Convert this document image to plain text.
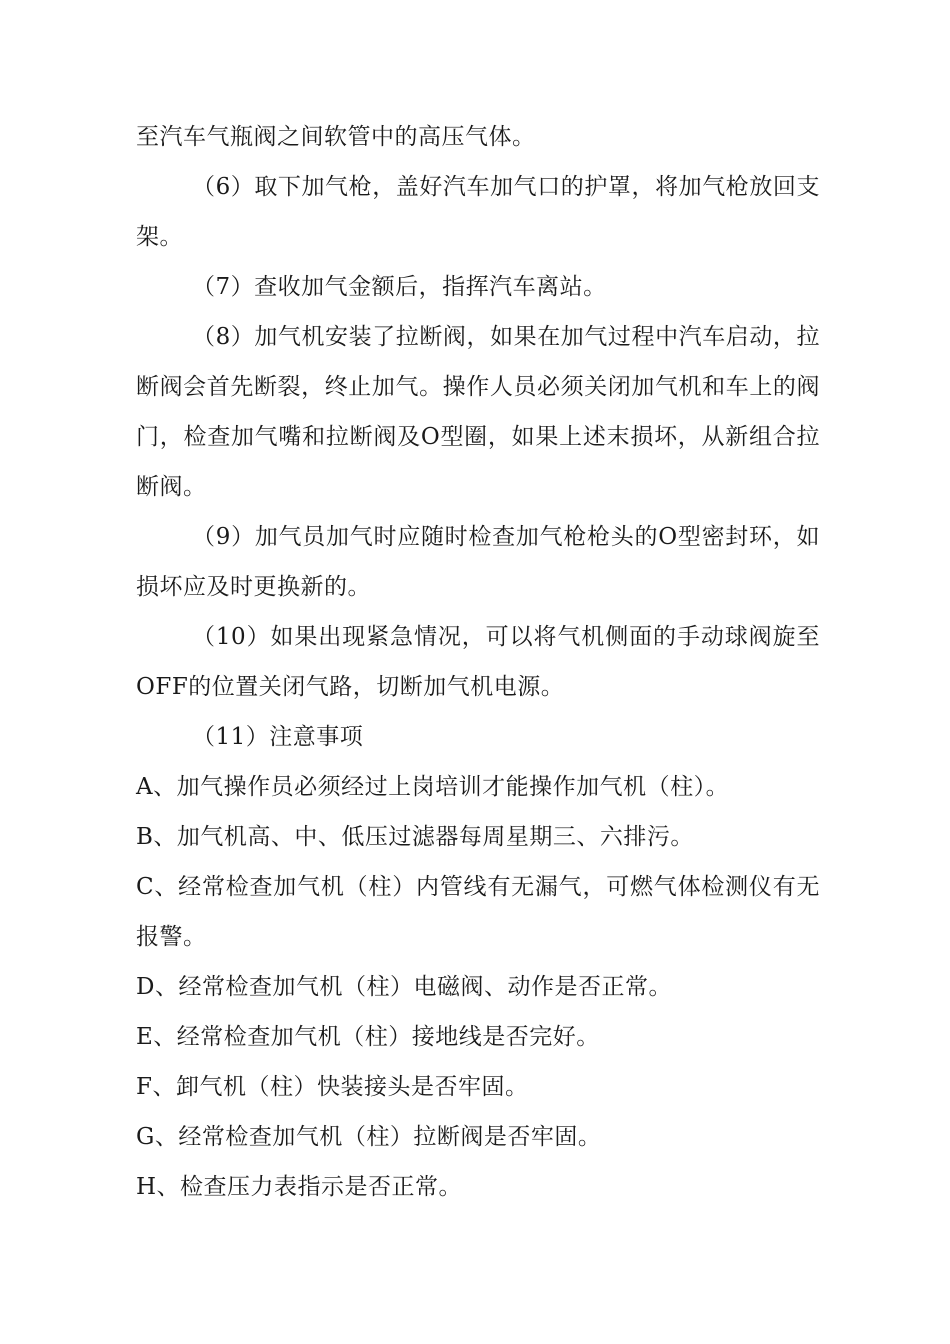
至汽车气瓶阀之间软管中的高压气体。

（6）取下加气枪，盖好汽车加气口的护罩，将加气枪放回支架。

（7）查收加气金额后，指挥汽车离站。

（8）加气机安装了拉断阀，如果在加气过程中汽车启动，拉断阀会首先断裂，终止加气。操作人员必须关闭加气机和车上的阀门，检查加气嘴和拉断阀及O型圈，如果上述末损坏，从新组合拉断阀。

（9）加气员加气时应随时检查加气枪枪头的O型密封环，如损坏应及时更换新的。

（10）如果出现紧急情况，可以将气机侧面的手动球阀旋至OFF的位置关闭气路，切断加气机电源。

（11）注意事项

A、加气操作员必须经过上岗培训才能操作加气机（柱）。

B、加气机高、中、低压过滤器每周星期三、六排污。

C、经常检查加气机（柱）内管线有无漏气，可燃气体检测仪有无报警。

D、经常检查加气机（柱）电磁阀、动作是否正常。

E、经常检查加气机（柱）接地线是否完好。

F、卸气机（柱）快装接头是否牢固。

G、经常检查加气机（柱）拉断阀是否牢固。

H、检查压力表指示是否正常。
